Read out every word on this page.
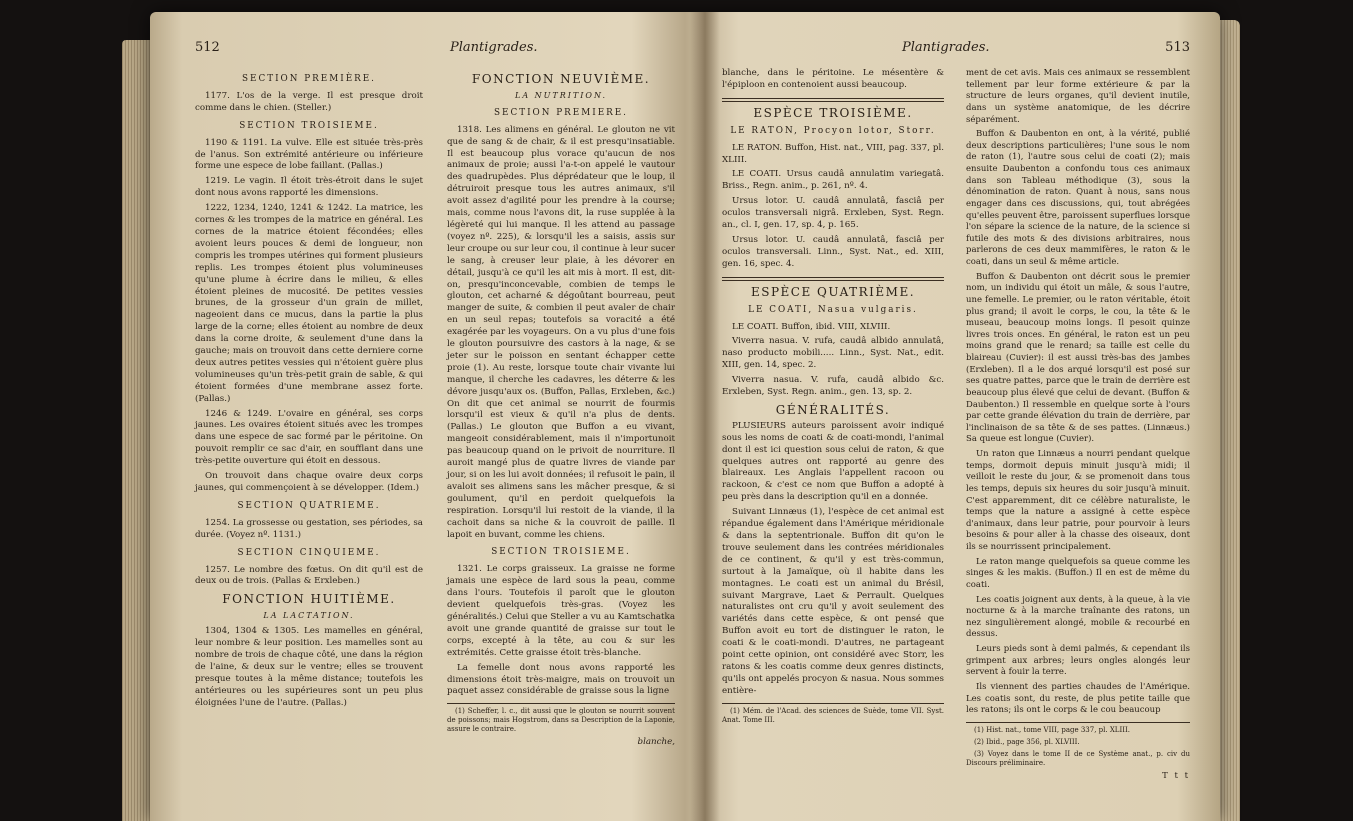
512	Plantigrades.
SECTION PREMIÈRE.

1177. L'os de la verge. Il est presque droit comme dans le chien. (Steller.)

SECTION TROISIEME.

1190 & 1191. La vulve. Elle est située très-près de l'anus. Son extrémité antérieure ou inférieure forme une espece de lobe faillant. (Pallas.)

1219. Le vagin. Il étoit très-étroit dans le sujet dont nous avons rapporté les dimensions.

1222, 1234, 1240, 1241 & 1242. La matrice, les cornes & les trompes de la matrice en général. Les cornes de la matrice étoient fécondées; elles avoient leurs pouces & demi de longueur, non compris les trompes utérines qui forment plusieurs replis. Les trompes étoient plus volumineuses qu'une plume à écrire dans le milieu, & elles étoient pleines de mucosité. De petites vessies brunes, de la grosseur d'un grain de millet, nageoient dans ce mucus, dans la partie la plus large de la corne; elles étoient au nombre de deux dans la corne droite, & seulement d'une dans la gauche; mais on trouvoit dans cette derniere corne deux autres petites vessies qui n'étoient guère plus volumineuses qu'un très-petit grain de sable, & qui étoient formées d'une membrane assez forte. (Pallas.)

1246 & 1249. L'ovaire en général, ses corps jaunes. Les ovaires étoient situés avec les trompes dans une espece de sac formé par le péritoine. On pouvoit remplir ce sac d'air, en soufflant dans une très-petite ouverture qui étoit en dessous.

On trouvoit dans chaque ovaire deux corps jaunes, qui commençoient à se développer. (Idem.)

SECTION QUATRIEME.

1254. La grossesse ou gestation, ses périodes, sa durée. (Voyez nº. 1131.)

SECTION CINQUIEME.

1257. Le nombre des fœtus. On dit qu'il est de deux ou de trois. (Pallas & Erxleben.)

FONCTION HUITIÈME.
LA LACTATION.

1304, 1304 & 1305. Les mamelles en général, leur nombre & leur position. Les mamelles sont au nombre de trois de chaque côté, une dans la région de l'aine, & deux sur le ventre; elles se trouvent presque toutes à la même distance; toutefois les antérieures ou les supérieures sont un peu plus éloignées l'une de l'autre. (Pallas.)

FONCTION NEUVIÈME.
LA NUTRITION.
SECTION PREMIERE.

1318. Les alimens en général. Le glouton ne vit que de sang & de chair, & il est presqu'insatiable. Il est beaucoup plus vorace qu'aucun de nos animaux de proie; aussi l'a-t-on appelé le vautour des quadrupèdes. Plus déprédateur que le loup, il détruiroit presque tous les autres animaux, s'il avoit assez d'agilité pour les prendre à la course; mais, comme nous l'avons dit, la ruse supplée à la légèreté qui lui manque. Il les attend au passage (voyez nº. 225), & lorsqu'il les a saisis, assis sur leur croupe ou sur leur cou, il continue à leur sucer le sang, à creuser leur plaie, à les dévorer en détail, jusqu'à ce qu'il les ait mis à mort. Il est, dit-on, presqu'inconcevable, combien de temps le glouton, cet acharné & dégoûtant bourreau, peut manger de suite, & combien il peut avaler de chair en un seul repas; toutefois sa voracité a été exagérée par les voyageurs. On a vu plus d'une fois le glouton poursuivre des castors à la nage, & se jeter sur le poisson en sentant échapper cette proie (1). Au reste, lorsque toute chair vivante lui manque, il cherche les cadavres, les déterre & les dévore jusqu'aux os. (Buffon, Pallas, Erxleben, &c.) On dit que cet animal se nourrit de fourmis lorsqu'il est vieux & qu'il n'a plus de dents. (Pallas.) Le glouton que Buffon a eu vivant, mangeoit considérablement, mais il n'importunoit pas beaucoup quand on le privoit de nourriture. Il auroit mangé plus de quatre livres de viande par jour, si on les lui avoit données; il refusoit le pain, il avaloit ses alimens sans les mâcher presque, & si goulument, qu'il en perdoit quelquefois la respiration. Lorsqu'il lui restoit de la viande, il la cachoit dans sa niche & la couvroit de paille. Il lapoit en buvant, comme les chiens.

SECTION TROISIEME.

1321. Le corps graisseux. La graisse ne forme jamais une espèce de lard sous la peau, comme dans l'ours. Toutefois il paroît que le glouton devient quelquefois très-gras. (Voyez les généralités.) Celui que Steller a vu au Kamtschatka avoit une grande quantité de graisse sur tout le corps, excepté à la tête, au cou & sur les extrémités. Cette graisse étoit très-blanche.

La femelle dont nous avons rapporté les dimensions étoit très-maigre, mais on trouvoit un paquet assez considérable de graisse sous la ligne

(1) Scheffer, l. c., dit aussi que le glouton se nourrit souvent de poissons; mais Hogstrom, dans sa Description de la Laponie, assure le contraire.

blanche,
Plantigrades.	513

blanche, dans le péritoine. Le mésentère & l'épiploon en contenoient aussi beaucoup.

ESPÈCE TROISIÈME.
LE RATON, Procyon lotor, Storr.

LE RATON. Buffon, Hist. nat., VIII, pag. 337, pl. XLIII.

LE COATI. Ursus caudâ annulatim variegatâ. Briss., Regn. anim., p. 261, nº. 4.

Ursus lotor. U. caudâ annulatâ, fasciâ per oculos transversali nigrâ. Erxleben, Syst. Regn. an., cl. I, gen. 17, sp. 4, p. 165.

Ursus lotor. U. caudâ annulatâ, fasciâ per oculos transversali. Linn., Syst. Nat., ed. XIII, gen. 16, spec. 4.

ESPÈCE QUATRIÈME.
LE COATI, Nasua vulgaris.

LE COATI. Buffon, ibid. VIII, XLVIII.

Viverra nasua. V. rufa, caudâ albido annulatâ, naso producto mobili..... Linn., Syst. Nat., edit. XIII, gen. 14, spec. 2.

Viverra nasua. V. rufa, caudâ albido &c. Erxleben, Syst. Regn. anim., gen. 13, sp. 2.

GÉNÉRALITÉS.

PLUSIEURS auteurs paroissent avoir indiqué sous les noms de coati & de coati-mondi, l'animal dont il est ici question sous celui de raton, & que quelques autres ont rapporté au genre des blaireaux. Les Anglais l'appellent racoon ou rackoon, & c'est ce nom que Buffon a adopté à peu près dans la description qu'il en a donnée.

Suivant Linnæus (1), l'espèce de cet animal est répandue également dans l'Amérique méridionale & dans la septentrionale. Buffon dit qu'on le trouve seulement dans les contrées méridionales de ce continent, & qu'il y est très-commun, surtout à la Jamaïque, où il habite dans les montagnes. Le coati est un animal du Brésil, suivant Margrave, Laet & Perrault. Quelques naturalistes ont cru qu'il y avoit seulement des variétés dans cette espèce, & ont pensé que Buffon avoit eu tort de distinguer le raton, le coati & le coati-mondi. D'autres, ne partageant point cette opinion, ont considéré avec Storr, les ratons & les coatis comme deux genres distincts, qu'ils ont appelés procyon & nasua. Nous sommes entière-

(1) Mém. de l'Acad. des sciences de Suède, tome VII. Syst. Anat. Tome III.

ment de cet avis. Mais ces animaux se ressemblent tellement par leur forme extérieure & par la structure de leurs organes, qu'il devient inutile, dans un système anatomique, de les décrire séparément.

Buffon & Daubenton en ont, à la vérité, publié deux descriptions particulières; l'une sous le nom de raton (1), l'autre sous celui de coati (2); mais ensuite Daubenton a confondu tous ces animaux dans son Tableau méthodique (3), sous la dénomination de raton. Quant à nous, sans nous engager dans ces discussions, qui, tout abrégées qu'elles peuvent être, paroissent superflues lorsque l'on sépare la science de la nature, de la science si futile des mots & des divisions arbitraires, nous parlerons de ces deux mammifères, le raton & le coati, dans un seul & même article.

Buffon & Daubenton ont décrit sous le premier nom, un individu qui étoit un mâle, & sous l'autre, une femelle. Le premier, ou le raton véritable, étoit plus grand; il avoit le corps, le cou, la tête & le museau, beaucoup moins longs. Il pesoit quinze livres trois onces. En général, le raton est un peu moins grand que le renard; sa taille est celle du blaireau (Cuvier): il est aussi très-bas des jambes (Erxleben). Il a le dos arqué lorsqu'il est posé sur ses quatre pattes, parce que le train de derrière est beaucoup plus élevé que celui de devant. (Buffon & Daubenton.) Il ressemble en quelque sorte à l'ours par cette grande élévation du train de derrière, par l'inclinaison de sa tête & de ses pattes. (Linnæus.) Sa queue est longue (Cuvier).

Un raton que Linnæus a nourri pendant quelque temps, dormoit depuis minuit jusqu'à midi; il veilloit le reste du jour, & se promenoit dans tous les temps, depuis six heures du soir jusqu'à minuit. C'est apparemment, dit ce célèbre naturaliste, le temps que la nature a assigné à cette espèce d'animaux, dans leur patrie, pour pourvoir à leurs besoins & pour aller à la chasse des oiseaux, dont ils se nourrissent principalement.

Le raton mange quelquefois sa queue comme les singes & les makis. (Buffon.) Il en est de même du coati.

Les coatis joignent aux dents, à la queue, à la vie nocturne & à la marche traînante des ratons, un nez singulièrement alongé, mobile & recourbé en dessus.

Leurs pieds sont à demi palmés, & cependant ils grimpent aux arbres; leurs ongles alongés leur servent à fouir la terre.

Ils viennent des parties chaudes de l'Amérique. Les coatis sont, du reste, de plus petite taille que les ratons; ils ont le corps & le cou beaucoup

(1) Hist. nat., tome VIII, page 337, pl. XLIII.

(2) Ibid., page 356, pl. XLVIII.

(3) Voyez dans le tome II de ce Système anat., p. civ du Discours préliminaire.

T t t
